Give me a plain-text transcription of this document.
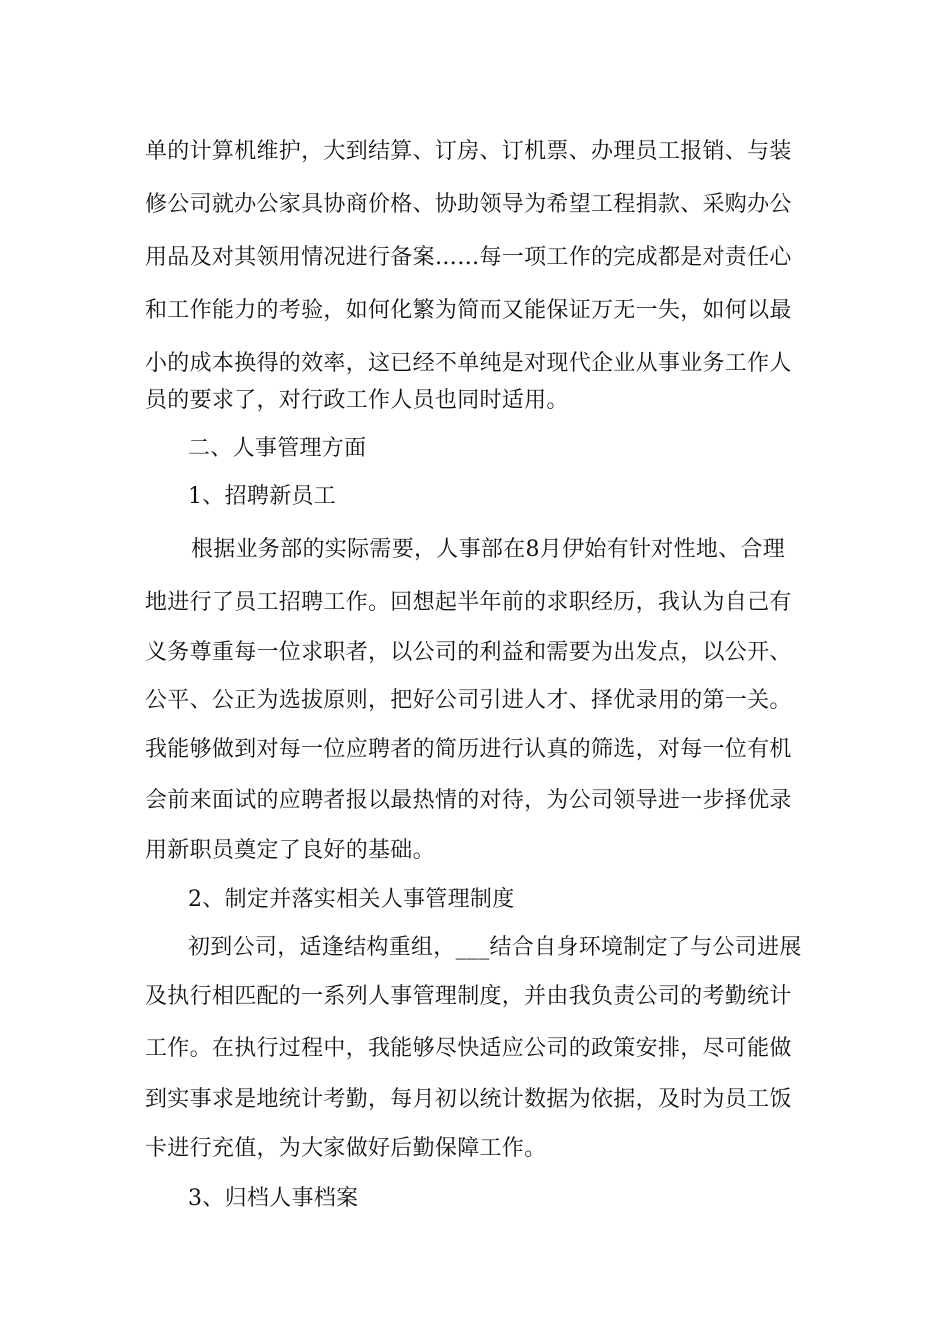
单的计算机维护，大到结算、订房、订机票、办理员工报销、与装
修公司就办公家具协商价格、协助领导为希望工程捐款、采购办公
用品及对其领用情况进行备案……每一项工作的完成都是对责任心
和工作能力的考验，如何化繁为简而又能保证万无一失，如何以最
小的成本换得的效率，这已经不单纯是对现代企业从事业务工作人
员的要求了，对行政工作人员也同时适用。
二、人事管理方面
1、招聘新员工
根据业务部的实际需要，人事部在8月伊始有针对性地、合理
地进行了员工招聘工作。回想起半年前的求职经历，我认为自己有
义务尊重每一位求职者，以公司的利益和需要为出发点，以公开、
公平、公正为选拔原则，把好公司引进人才、择优录用的第一关。
我能够做到对每一位应聘者的简历进行认真的筛选，对每一位有机
会前来面试的应聘者报以最热情的对待，为公司领导进一步择优录
用新职员奠定了良好的基础。
2、制定并落实相关人事管理制度
初到公司，适逢结构重组，___结合自身环境制定了与公司进展
及执行相匹配的一系列人事管理制度，并由我负责公司的考勤统计
工作。在执行过程中，我能够尽快适应公司的政策安排，尽可能做
到实事求是地统计考勤，每月初以统计数据为依据，及时为员工饭
卡进行充值，为大家做好后勤保障工作。
3、归档人事档案
